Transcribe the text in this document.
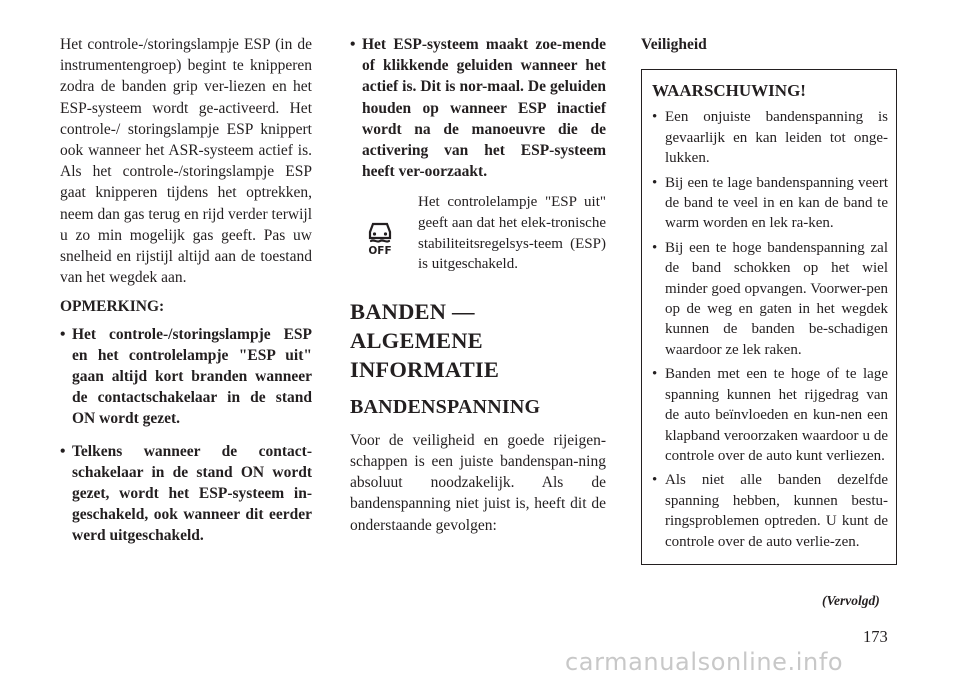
Het controle-/storingslampje ESP (in de instrumentengroep) begint te knipperen zodra de banden grip ver-liezen en het ESP-systeem wordt ge-activeerd. Het controle-/ storingslampje ESP knippert ook wanneer het ASR-systeem actief is. Als het controle-/storingslampje ESP gaat knipperen tijdens het optrekken, neem dan gas terug en rijd verder terwijl u zo min mogelijk gas geeft. Pas uw snelheid en rijstijl altijd aan de toestand van het wegdek aan.

OPMERKING:
• Het controle-/storingslampje ESP en het controlelampje "ESP uit" gaan altijd kort branden wanneer de contactschakelaar in de stand ON wordt gezet.
• Telkens wanneer de contact-schakelaar in de stand ON wordt gezet, wordt het ESP-systeem in-geschakeld, ook wanneer dit eerder werd uitgeschakeld.
• Het ESP-systeem maakt zoe-mende of klikkende geluiden wanneer het actief is. Dit is nor-maal. De geluiden houden op wanneer ESP inactief wordt na de manoeuvre die de activering van het ESP-systeem heeft ver-oorzaakt.
OFF
Het controlelampje "ESP uit" geeft aan dat het elek-tronische stabiliteitsregelsys-teem (ESP) is uitgeschakeld.
BANDEN — ALGEMENE INFORMATIE
BANDENSPANNING

Voor de veiligheid en goede rijeigen-schappen is een juiste bandenspan-ning absoluut noodzakelijk. Als de bandenspanning niet juist is, heeft dit de onderstaande gevolgen:

Veiligheid
WAARSCHUWING!
• Een onjuiste bandenspanning is gevaarlijk en kan leiden tot onge-lukken.
• Bij een te lage bandenspanning veert de band te veel in en kan de band te warm worden en lek ra-ken.
• Bij een te hoge bandenspanning zal de band schokken op het wiel minder goed opvangen. Voorwer-pen op de weg en gaten in het wegdek kunnen de banden be-schadigen waardoor ze lek raken.
• Banden met een te hoge of te lage spanning kunnen het rijgedrag van de auto beïnvloeden en kun-nen een klapband veroorzaken waardoor u de controle over de auto kunt verliezen.
• Als niet alle banden dezelfde spanning hebben, kunnen bestu-ringsproblemen optreden. U kunt de controle over de auto verlie-zen.
(Vervolgd)
173
carmanualsonline.info
